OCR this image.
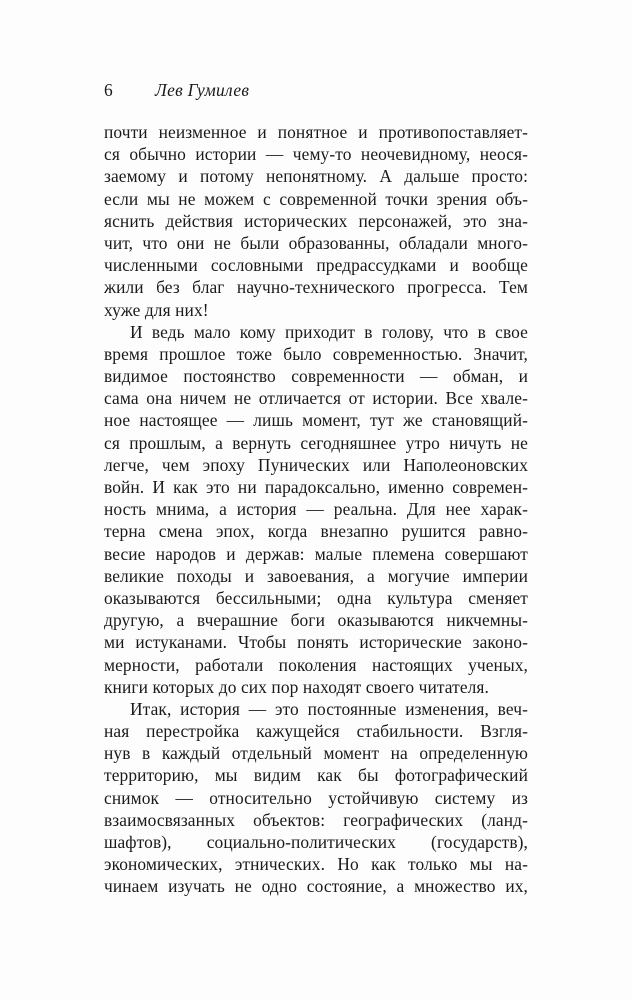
6	Лев Гумилев
почти неизменное и понятное и противопоставляет-
ся обычно истории — чему-то неочевидному, неося-
заемому и потому непонятному. А дальше просто:
если мы не можем с современной точки зрения объ-
яснить действия исторических персонажей, это зна-
чит, что они не были образованны, обладали много-
численными сословными предрассудками и вообще
жили без благ научно-технического прогресса. Тем
хуже для них!
И ведь мало кому приходит в голову, что в свое
время прошлое тоже было современностью. Значит,
видимое постоянство современности — обман, и
сама она ничем не отличается от истории. Все хвале-
ное настоящее — лишь момент, тут же становящий-
ся прошлым, а вернуть сегодняшнее утро ничуть не
легче, чем эпоху Пунических или Наполеоновских
войн. И как это ни парадоксально, именно современ-
ность мнима, а история — реальна. Для нее харак-
терна смена эпох, когда внезапно рушится равно-
весие народов и держав: малые племена совершают
великие походы и завоевания, а могучие империи
оказываются бессильными; одна культура сменяет
другую, а вчерашние боги оказываются никчемны-
ми истуканами. Чтобы понять исторические законо-
мерности, работали поколения настоящих ученых,
книги которых до сих пор находят своего читателя.
Итак, история — это постоянные изменения, веч-
ная перестройка кажущейся стабильности. Взгля-
нув в каждый отдельный момент на определенную
территорию, мы видим как бы фотографический
снимок — относительно устойчивую систему из
взаимосвязанных объектов: географических (ланд-
шафтов), социально-политических (государств),
экономических, этнических. Но как только мы на-
чинаем изучать не одно состояние, а множество их,
